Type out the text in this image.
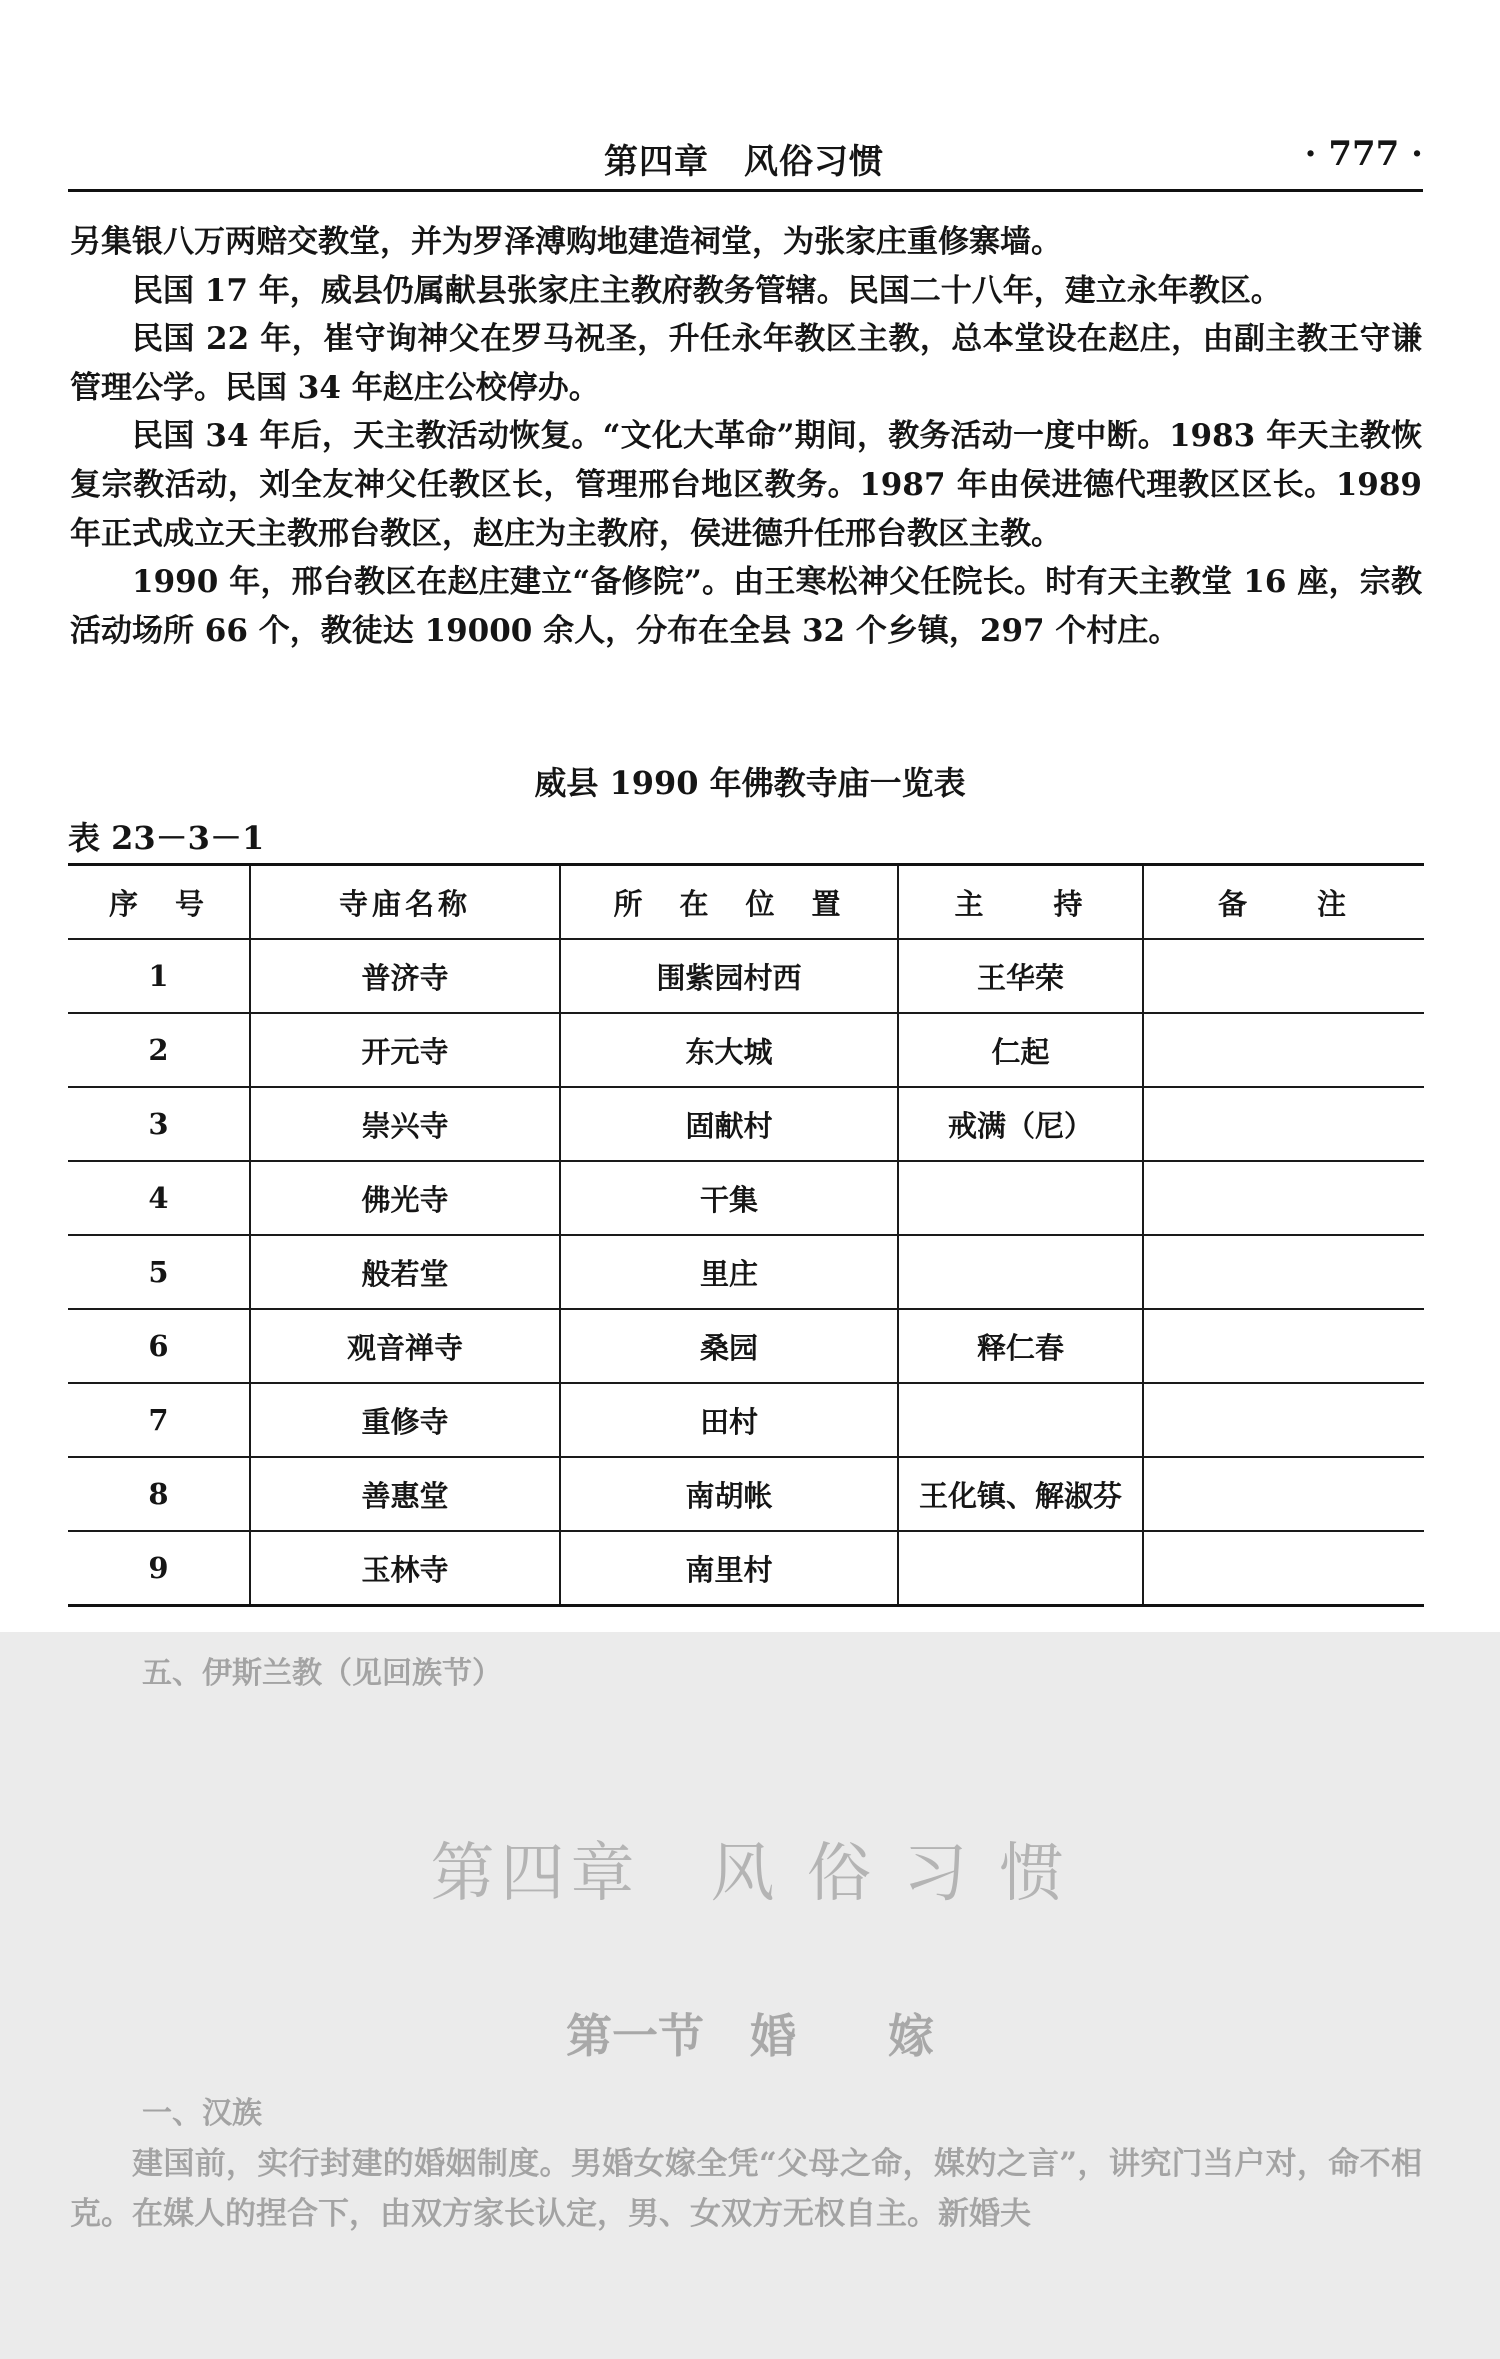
第四章　风俗习惯	· 777 ·

另集银八万两赔交教堂，并为罗泽溥购地建造祠堂，为张家庄重修寨墙。

民国 17 年，威县仍属献县张家庄主教府教务管辖。民国二十八年，建立永年教区。

民国 22 年，崔守询神父在罗马祝圣，升任永年教区主教，总本堂设在赵庄，由副主教王守谦管理公学。民国 34 年赵庄公校停办。

民国 34 年后，天主教活动恢复。“文化大革命”期间，教务活动一度中断。1983 年天主教恢复宗教活动，刘全友神父任教区长，管理邢台地区教务。1987 年由侯进德代理教区区长。1989 年正式成立天主教邢台教区，赵庄为主教府，侯进德升任邢台教区主教。

1990 年，邢台教区在赵庄建立“备修院”。由王寒松神父任院长。时有天主教堂 16 座，宗教活动场所 66 个，教徒达 19000 余人，分布在全县 32 个乡镇，297 个村庄。

威县 1990 年佛教寺庙一览表
表 23－3－1
序　号	寺庙名称	所　在　位　置	主　　持	备　　注
1	普济寺	围紫园村西	王华荣	
2	开元寺	东大城	仁起	
3	崇兴寺	固献村	戒满（尼）	
4	佛光寺	干集		
5	般若堂	里庄		
6	观音禅寺	桑园	释仁春	
7	重修寺	田村		
8	善惠堂	南胡帐	王化镇、解淑芬	
9	玉林寺	南里村		
五、伊斯兰教（见回族节）
第四章　风 俗 习 惯
第一节　婚　　嫁
一、汉族

建国前，实行封建的婚姻制度。男婚女嫁全凭“父母之命，媒妁之言”，讲究门当户对，命不相克。在媒人的捏合下，由双方家长认定，男、女双方无权自主。新婚夫
